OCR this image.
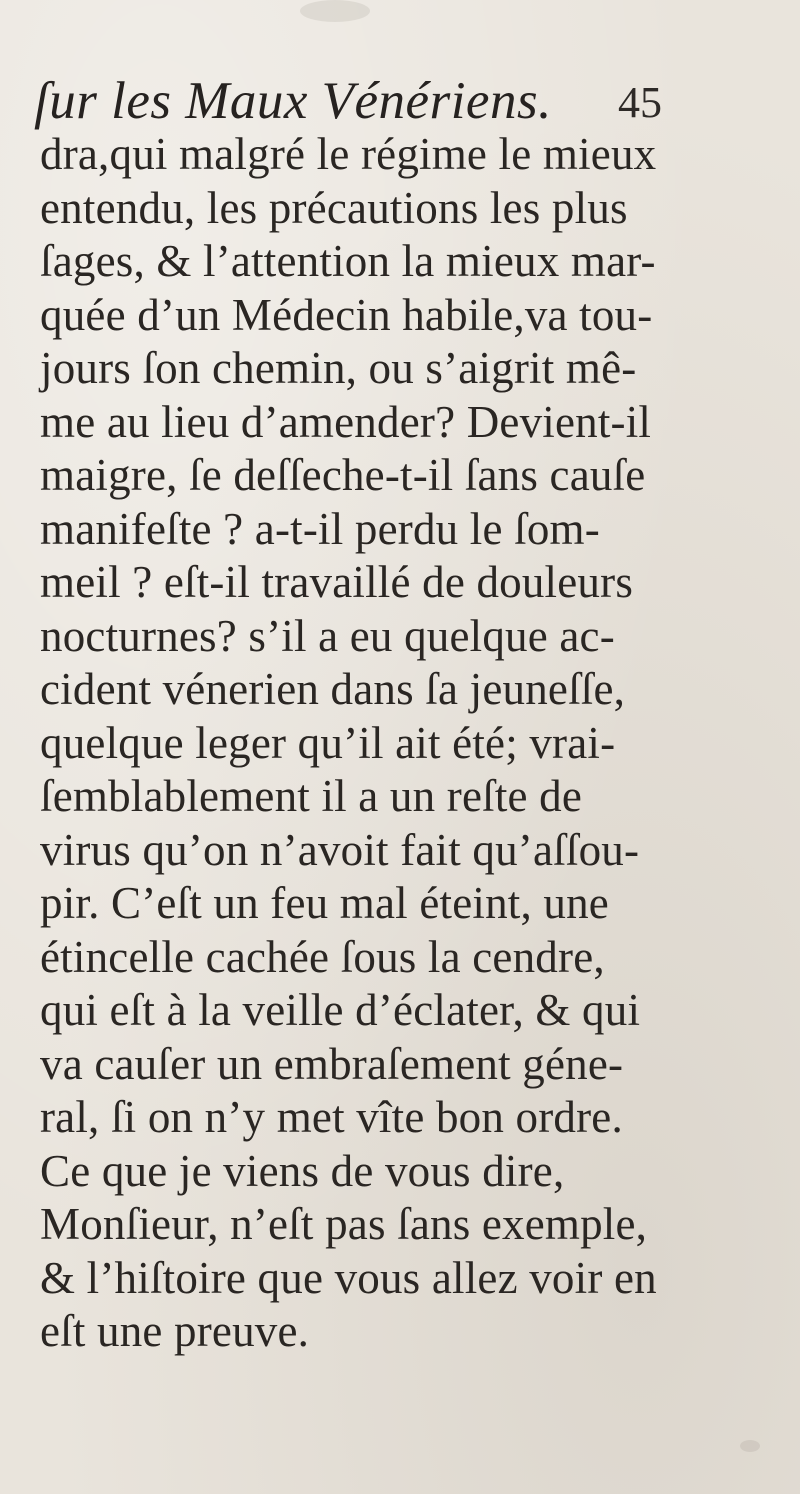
ſur les Maux Vénériens. 45
dra,qui malgré le régime le mieux
entendu, les précautions les plus
ſages, & l’attention la mieux mar-
quée d’un Médecin habile,va tou-
jours ſon chemin, ou s’aigrit mê-
me au lieu d’amender? Devient-il
maigre, ſe deſſeche-t-il ſans cauſe
manifeſte ? a-t-il perdu le ſom-
meil ? eſt-il travaillé de douleurs
nocturnes? s’il a eu quelque ac-
cident vénerien dans ſa jeuneſſe,
quelque leger qu’il ait été; vrai-
ſemblablement il a un reſte de
virus qu’on n’avoit fait qu’aſſou-
pir. C’eſt un feu mal éteint, une
étincelle cachée ſous la cendre,
qui eſt à la veille d’éclater, & qui
va cauſer un embraſement géne-
ral, ſi on n’y met vîte bon ordre.
Ce que je viens de vous dire,
Monſieur, n’eſt pas ſans exemple,
& l’hiſtoire que vous allez voir en
eſt une preuve.
